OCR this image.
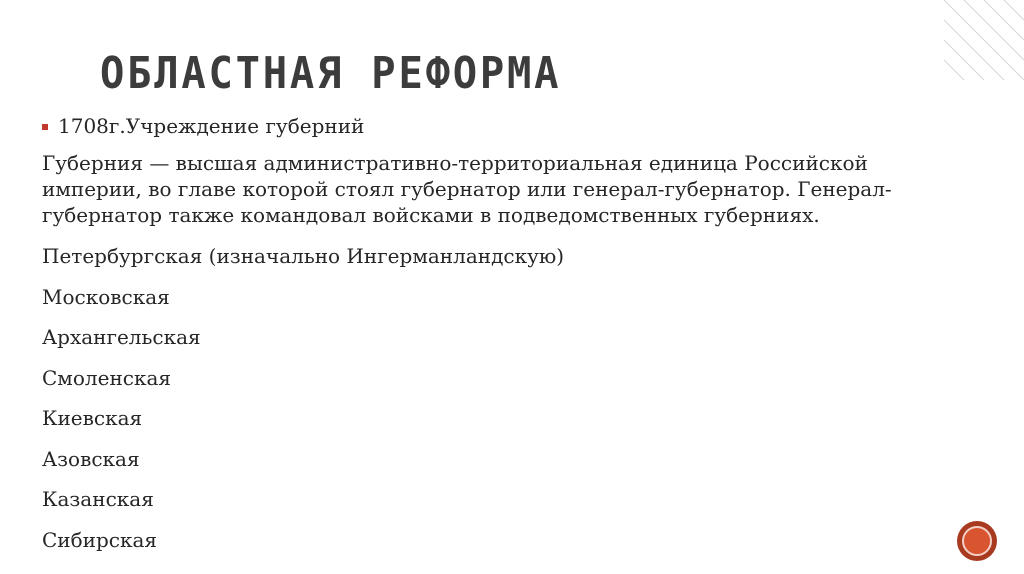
ОБЛАСТНАЯ РЕФОРМА
1708г.Учреждение губерний

Губерния — высшая административно-территориальная единица Российской империи, во главе которой стоял губернатор или генерал-губернатор. Генерал-губернатор также командовал войсками в подведомственных губерниях.

Петербургская (изначально Ингерманландскую)

Московская

Архангельская

Смоленская

Киевская

Азовская

Казанская

Сибирская
